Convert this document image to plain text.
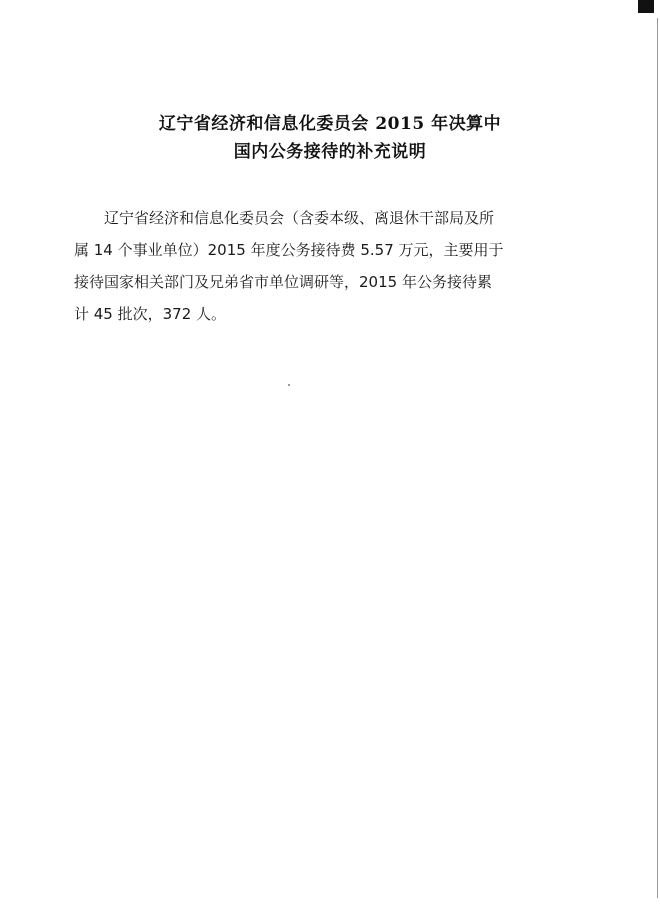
辽宁省经济和信息化委员会 2015 年决算中
国内公务接待的补充说明
辽宁省经济和信息化委员会（含委本级、离退休干部局及所
属 14 个事业单位）2015 年度公务接待费 5.57 万元，主要用于
接待国家相关部门及兄弟省市单位调研等，2015 年公务接待累
计 45 批次，372 人。
